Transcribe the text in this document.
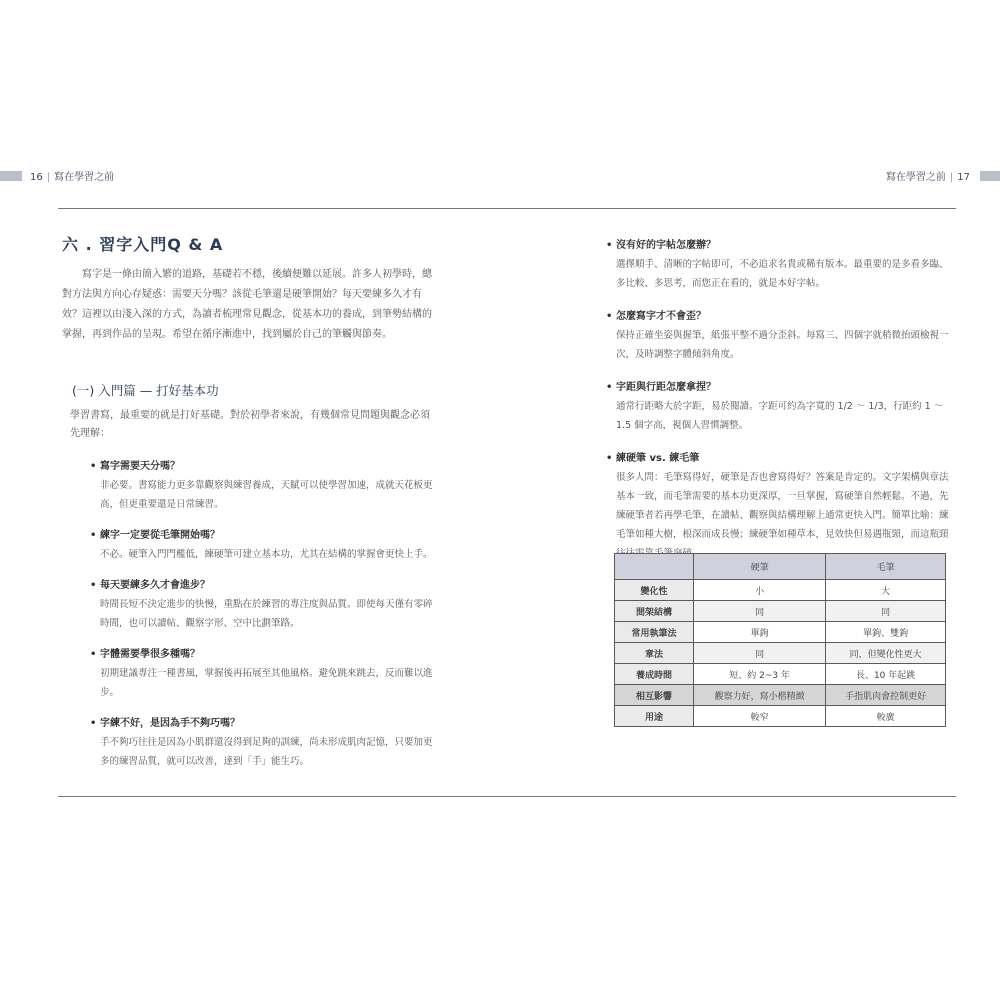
16 | 寫在學習之前	寫在學習之前 | 17
六 . 習字入門Q & A

寫字是一條由簡入繁的道路，基礎若不穩，後續便難以延展。許多人初學時，總對方法與方向心存疑惑：需要天分嗎？該從毛筆還是硬筆開始？每天要練多久才有效？這裡以由淺入深的方式，為讀者梳理常見觀念，從基本功的養成，到筆勢結構的掌握，再到作品的呈現。希望在循序漸進中，找到屬於自己的筆觸與節奏。

(一) 入門篇 — 打好基本功

學習書寫，最重要的就是打好基礎。對於初學者來說，有幾個常見問題與觀念必須先理解：

• 寫字需要天分嗎？

非必要。書寫能力更多靠觀察與練習養成，天賦可以使學習加速，成就天花板更高，但更重要還是日常練習。

• 練字一定要從毛筆開始嗎？

不必。硬筆入門門檻低，練硬筆可建立基本功，尤其在結構的掌握會更快上手。

• 每天要練多久才會進步？

時間長短不決定進步的快慢，重點在於練習的專注度與品質。即使每天僅有零碎時間，也可以讀帖、觀察字形、空中比劃筆路。

• 字體需要學很多種嗎？

初期建議專注一種書風，掌握後再拓展至其他風格。避免跳來跳去，反而難以進步。

• 字練不好，是因為手不夠巧嗎？

手不夠巧往往是因為小肌群還沒得到足夠的訓練，尚未形成肌肉記憶，只要加更多的練習品質，就可以改善，達到「手」能生巧。

• 沒有好的字帖怎麼辦？

選擇順手、清晰的字帖即可，不必追求名貴或稀有版本。最重要的是多看多臨、多比較、多思考，而您正在看的，就是本好字帖。

• 怎麼寫字才不會歪？

保持正確坐姿與握筆，紙張平整不過分歪斜。每寫三、四個字就稍微抬頭檢視一次，及時調整字體傾斜角度。

• 字距與行距怎麼拿捏？

通常行距略大於字距，易於閱讀。字距可約為字寬的 1/2 ～ 1/3，行距約 1 ～ 1.5 個字高，視個人習慣調整。

• 練硬筆 vs. 練毛筆

很多人問：毛筆寫得好，硬筆是否也會寫得好？答案是肯定的。文字架構與章法基本一致，而毛筆需要的基本功更深厚，一旦掌握，寫硬筆自然輕鬆。不過，先練硬筆者若再學毛筆，在讀帖、觀察與結構理解上通常更快入門。簡單比喻：練毛筆如種大樹，根深而成長慢；練硬筆如種草本，見效快但易遇瓶頸，而這瓶頸

	硬筆	毛筆
變化性	小	大
間架結構	同	同
常用執筆法	單鉤	單鉤、雙鉤
章法	同	同，但變化性更大
養成時間	短、約 2~3 年	長、10 年起跳
相互影響	觀察力好，寫小楷精緻	手指肌肉會控制更好
用途	較窄	較廣
